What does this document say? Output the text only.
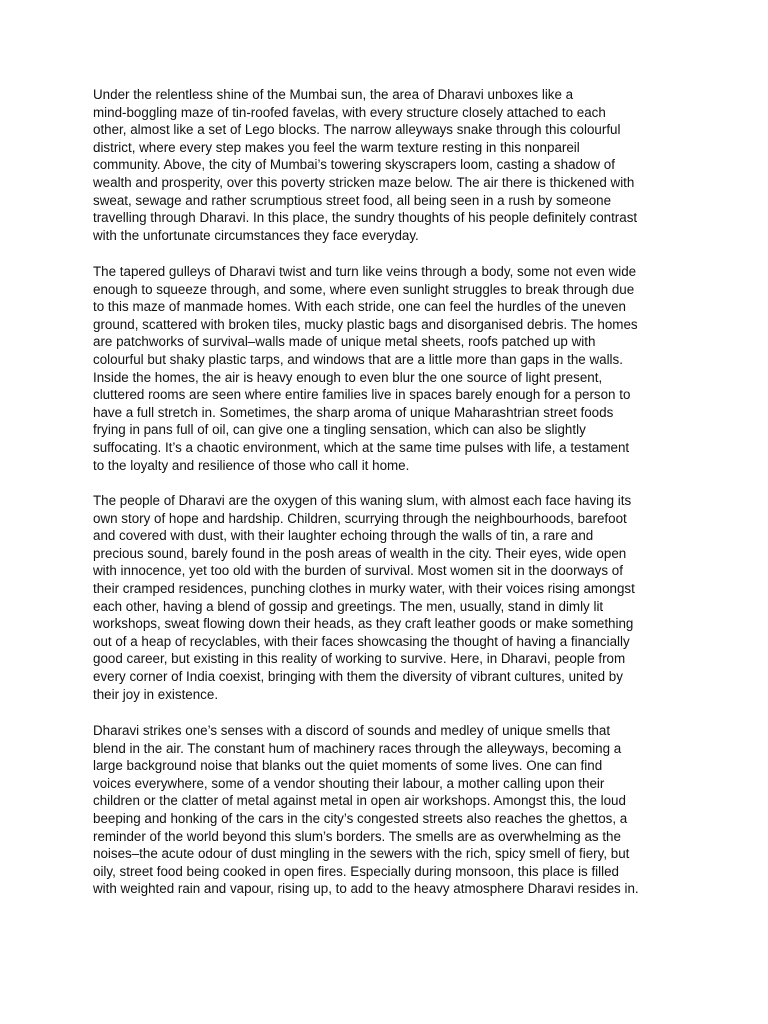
Under the relentless shine of the Mumbai sun, the area of Dharavi unboxes like a
mind-boggling maze of tin-roofed favelas, with every structure closely attached to each
other, almost like a set of Lego blocks. The narrow alleyways snake through this colourful
district, where every step makes you feel the warm texture resting in this nonpareil
community. Above, the city of Mumbai’s towering skyscrapers loom, casting a shadow of
wealth and prosperity, over this poverty stricken maze below. The air there is thickened with
sweat, sewage and rather scrumptious street food, all being seen in a rush by someone
travelling through Dharavi. In this place, the sundry thoughts of his people definitely contrast
with the unfortunate circumstances they face everyday.
The tapered gulleys of Dharavi twist and turn like veins through a body, some not even wide
enough to squeeze through, and some, where even sunlight struggles to break through due
to this maze of manmade homes. With each stride, one can feel the hurdles of the uneven
ground, scattered with broken tiles, mucky plastic bags and disorganised debris. The homes
are patchworks of survival–walls made of unique metal sheets, roofs patched up with
colourful but shaky plastic tarps, and windows that are a little more than gaps in the walls.
Inside the homes, the air is heavy enough to even blur the one source of light present,
cluttered rooms are seen where entire families live in spaces barely enough for a person to
have a full stretch in. Sometimes, the sharp aroma of unique Maharashtrian street foods
frying in pans full of oil, can give one a tingling sensation, which can also be slightly
suffocating. It’s a chaotic environment, which at the same time pulses with life, a testament
to the loyalty and resilience of those who call it home.
The people of Dharavi are the oxygen of this waning slum, with almost each face having its
own story of hope and hardship. Children, scurrying through the neighbourhoods, barefoot
and covered with dust, with their laughter echoing through the walls of tin, a rare and
precious sound, barely found in the posh areas of wealth in the city. Their eyes, wide open
with innocence, yet too old with the burden of survival. Most women sit in the doorways of
their cramped residences, punching clothes in murky water, with their voices rising amongst
each other, having a blend of gossip and greetings. The men, usually, stand in dimly lit
workshops, sweat flowing down their heads, as they craft leather goods or make something
out of a heap of recyclables, with their faces showcasing the thought of having a financially
good career, but existing in this reality of working to survive. Here, in Dharavi, people from
every corner of India coexist, bringing with them the diversity of vibrant cultures, united by
their joy in existence.
Dharavi strikes one’s senses with a discord of sounds and medley of unique smells that
blend in the air. The constant hum of machinery races through the alleyways, becoming a
large background noise that blanks out the quiet moments of some lives. One can find
voices everywhere, some of a vendor shouting their labour, a mother calling upon their
children or the clatter of metal against metal in open air workshops. Amongst this, the loud
beeping and honking of the cars in the city’s congested streets also reaches the ghettos, a
reminder of the world beyond this slum’s borders. The smells are as overwhelming as the
noises–the acute odour of dust mingling in the sewers with the rich, spicy smell of fiery, but
oily, street food being cooked in open fires. Especially during monsoon, this place is filled
with weighted rain and vapour, rising up, to add to the heavy atmosphere Dharavi resides in.
